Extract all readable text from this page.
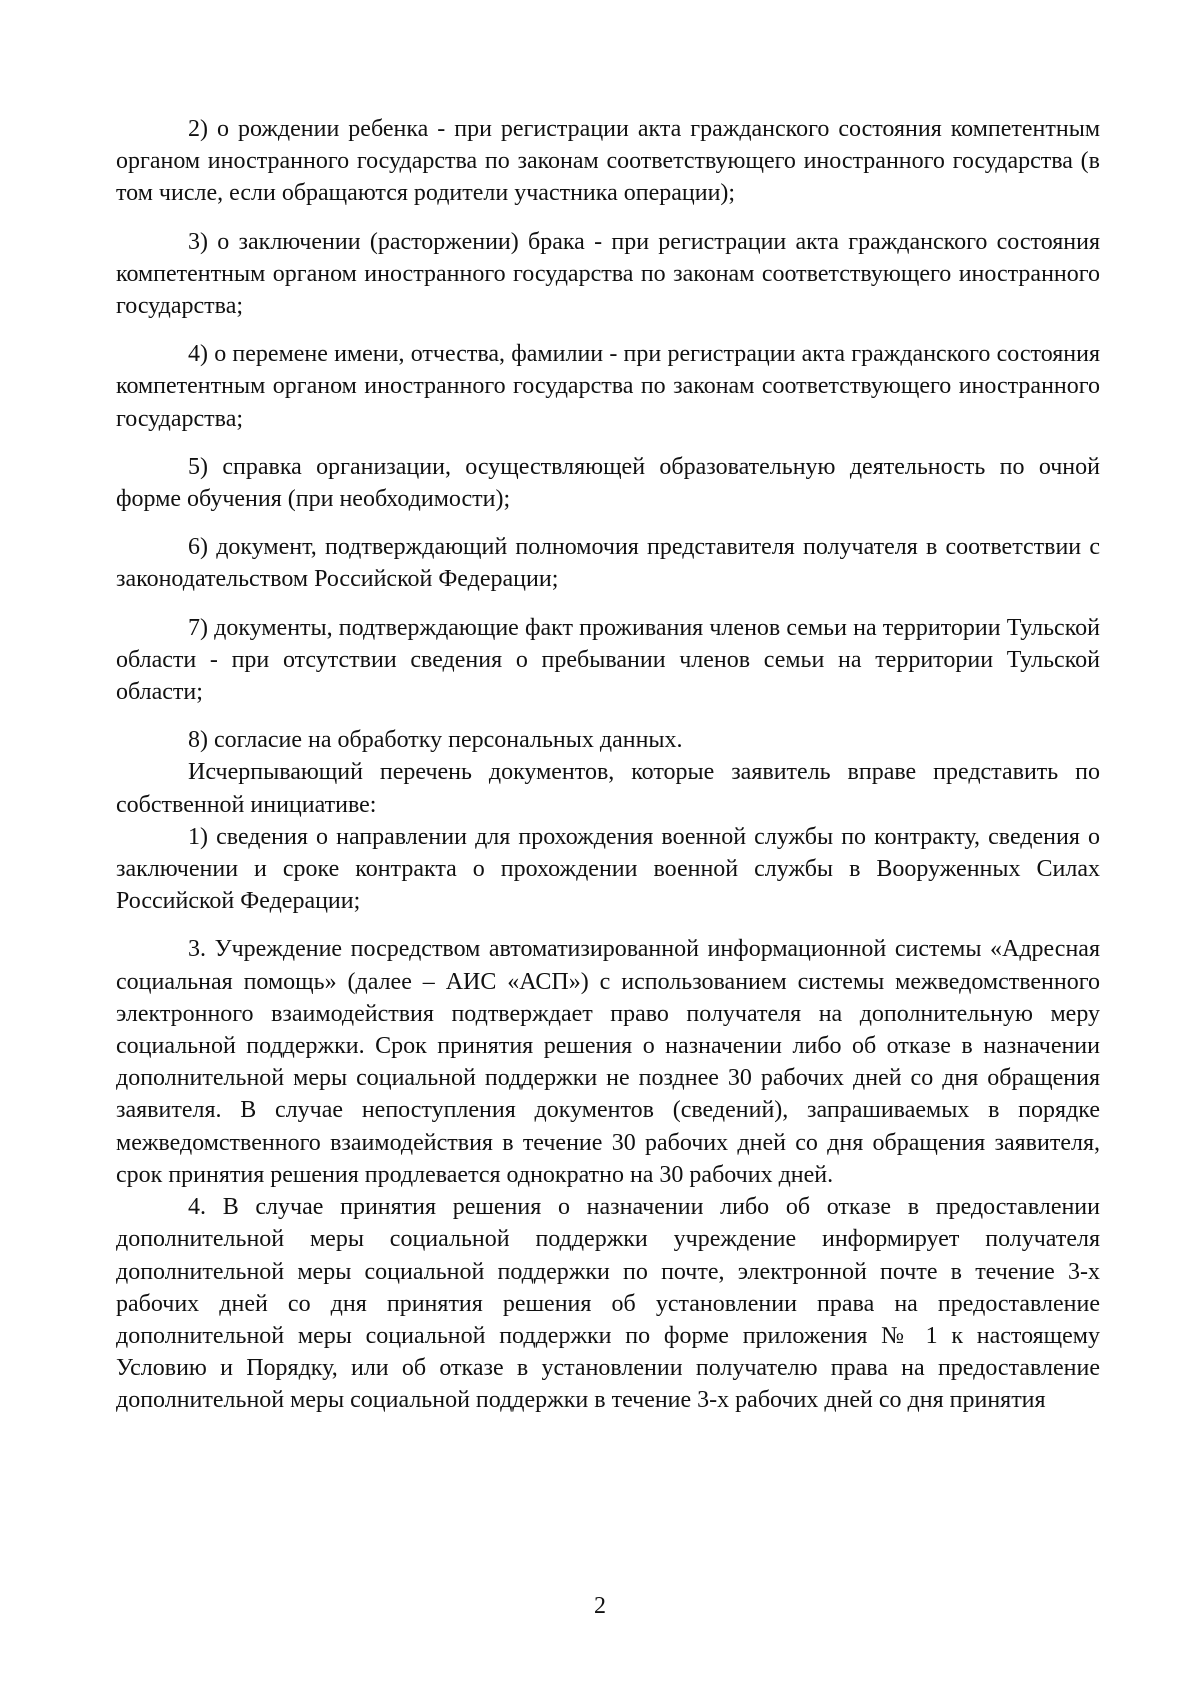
2) о рождении ребенка - при регистрации акта гражданского состояния компетентным органом иностранного государства по законам соответствующего иностранного государства (в том числе, если обращаются родители участника операции);

3) о заключении (расторжении) брака - при регистрации акта гражданского состояния компетентным органом иностранного государства по законам соответствующего иностранного государства;

4) о перемене имени, отчества, фамилии - при регистрации акта гражданского состояния компетентным органом иностранного государства по законам соответствующего иностранного государства;

5) справка организации, осуществляющей образовательную деятельность по очной форме обучения (при необходимости);

6) документ, подтверждающий полномочия представителя получателя в соответствии с законодательством Российской Федерации;

7) документы, подтверждающие факт проживания членов семьи на территории Тульской области - при отсутствии сведения о пребывании членов семьи на территории Тульской области;

8) согласие на обработку персональных данных.

Исчерпывающий перечень документов, которые заявитель вправе представить по собственной инициативе:

1) сведения о направлении для прохождения военной службы по контракту, сведения о заключении и сроке контракта о прохождении военной службы в Вооруженных Силах Российской Федерации;

3. Учреждение посредством автоматизированной информационной системы «Адресная социальная помощь» (далее – АИС «АСП») с использованием системы межведомственного электронного взаимодействия подтверждает право получателя на дополнительную меру социальной поддержки. Срок принятия решения о назначении либо об отказе в назначении дополнительной меры социальной поддержки не позднее 30 рабочих дней со дня обращения заявителя. В случае непоступления документов (сведений), запрашиваемых в порядке межведомственного взаимодействия в течение 30 рабочих дней со дня обращения заявителя, срок принятия решения продлевается однократно на 30 рабочих дней.

4. В случае принятия решения о назначении либо об отказе в предоставлении дополнительной меры социальной поддержки учреждение информирует получателя дополнительной меры социальной поддержки по почте, электронной почте в течение 3-х рабочих дней со дня принятия решения об установлении права на предоставление дополнительной меры социальной поддержки по форме приложения № 1 к настоящему Условию и Порядку, или об отказе в установлении получателю права на предоставление дополнительной меры социальной поддержки в течение 3-х рабочих дней со дня принятия

2
